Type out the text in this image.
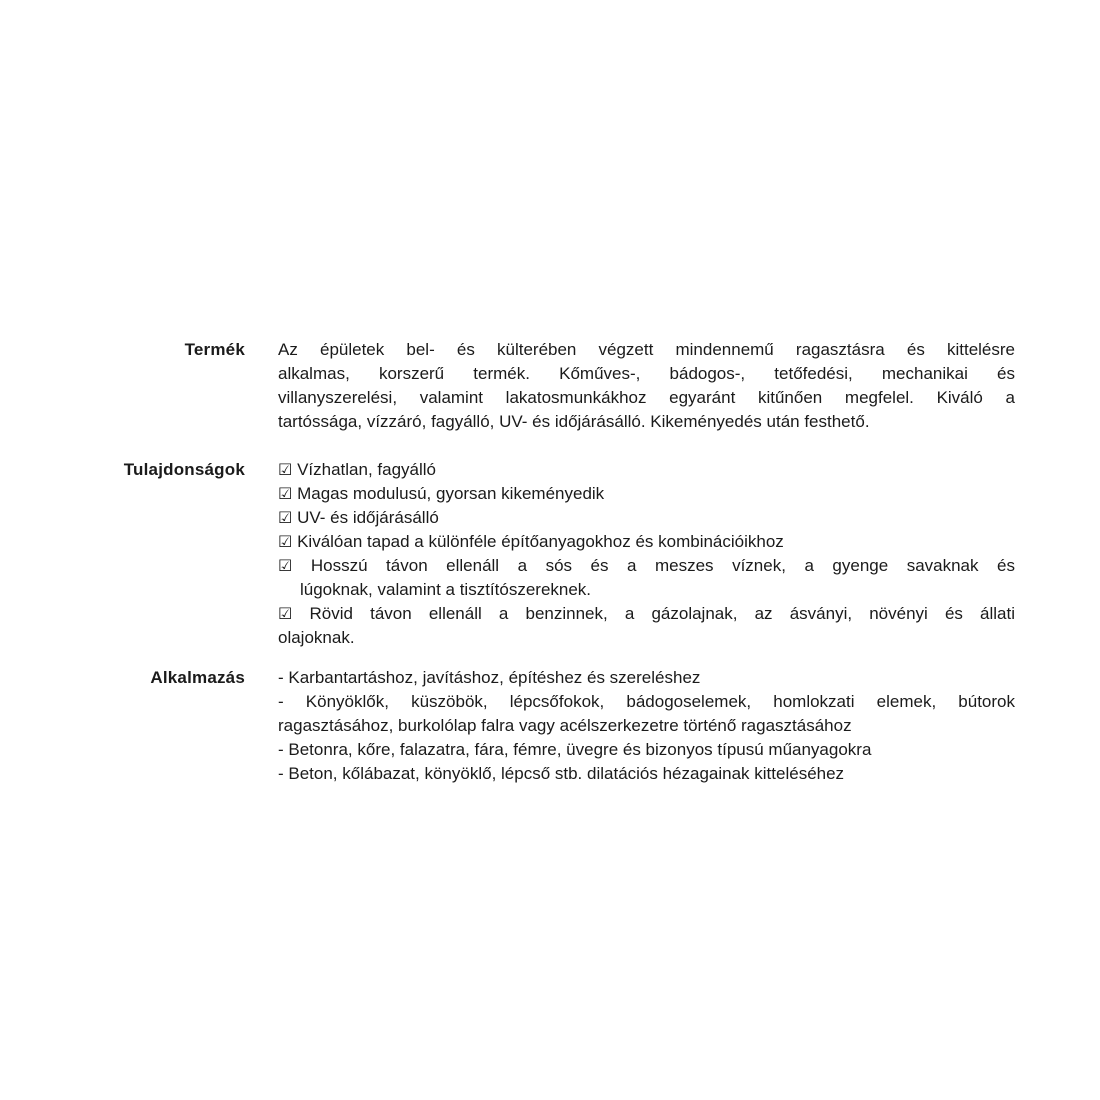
Termék Az épületek bel- és külterében végzett mindennemű ragasztásra és kittelésre
alkalmas, korszerű termék. Kőműves-, bádogos-, tetőfedési, mechanikai és
villanyszerelési, valamint lakatosmunkákhoz egyaránt kitűnően megfelel. Kiváló a
tartóssága, vízzáró, fagyálló, UV- és időjárásálló. Kikeményedés után festhető.
Tulajdonságok ☑ Vízhatlan, fagyálló
☑ Magas modulusú, gyorsan kikeményedik
☑ UV- és időjárásálló
☑ Kiválóan tapad a különféle építőanyagokhoz és kombinációikhoz
☑ Hosszú távon ellenáll a sós és a meszes víznek, a gyenge savaknak és
lúgoknak, valamint a tisztítószereknek.
☑ Rövid távon ellenáll a benzinnek, a gázolajnak, az ásványi, növényi és állati
olajoknak.
Alkalmazás - Karbantartáshoz, javításhoz, építéshez és szereléshez
- Könyöklők, küszöbök, lépcsőfokok, bádogoselemek, homlokzati elemek, bútorok
ragasztásához, burkolólap falra vagy acélszerkezetre történő ragasztásához
- Betonra, kőre, falazatra, fára, fémre, üvegre és bizonyos típusú műanyagokra
- Beton, kőlábazat, könyöklő, lépcső stb. dilatációs hézagainak kitteléséhez
